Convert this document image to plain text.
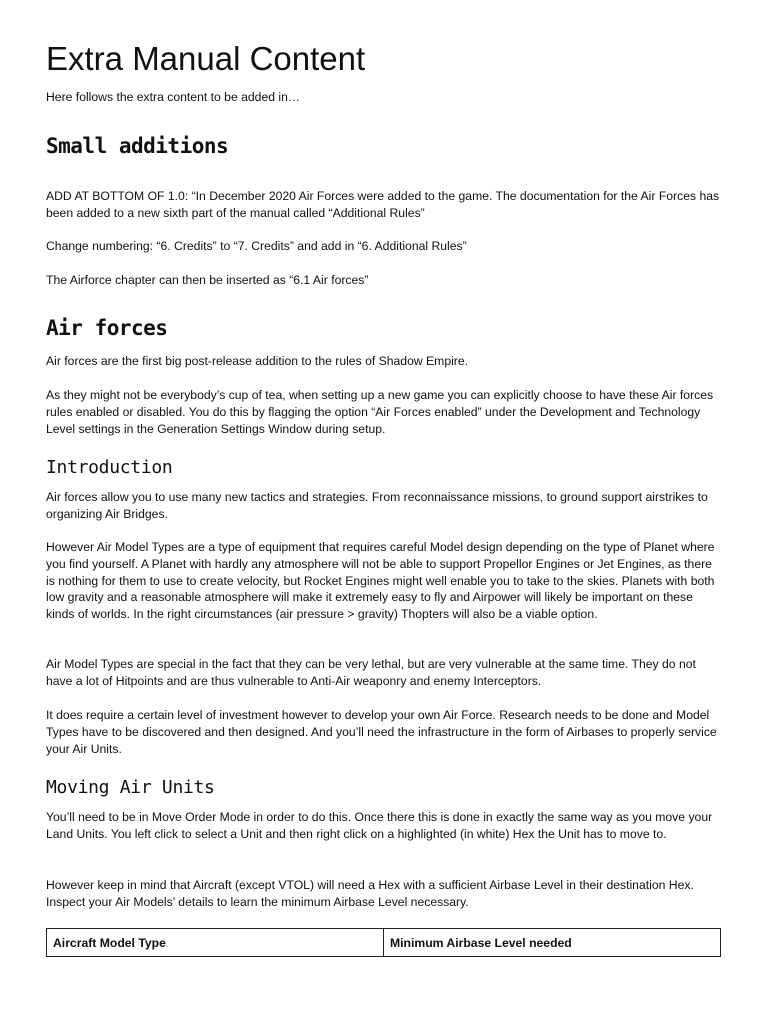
Extra Manual Content

Here follows the extra content to be added in…

Small additions

ADD AT BOTTOM OF 1.0: “In December 2020 Air Forces were added to the game. The documentation for the Air Forces has been added to a new sixth part of the manual called “Additional Rules”

Change numbering: “6. Credits” to “7. Credits” and add in “6. Additional Rules”

The Airforce chapter can then be inserted as “6.1 Air forces”

Air forces

Air forces are the first big post-release addition to the rules of Shadow Empire.

As they might not be everybody’s cup of tea, when setting up a new game you can explicitly choose to have these Air forces rules enabled or disabled. You do this by flagging the option “Air Forces enabled” under the Development and Technology Level settings in the Generation Settings Window during setup.

Introduction

Air forces allow you to use many new tactics and strategies. From reconnaissance missions, to ground support airstrikes to organizing Air Bridges.

However Air Model Types are a type of equipment that requires careful Model design depending on the type of Planet where you find yourself. A Planet with hardly any atmosphere will not be able to support Propellor Engines or Jet Engines, as there is nothing for them to use to create velocity, but Rocket Engines might well enable you to take to the skies. Planets with both low gravity and a reasonable atmosphere will make it extremely easy to fly and Airpower will likely be important on these kinds of worlds. In the right circumstances (air pressure > gravity) Thopters will also be a viable option.

Air Model Types are special in the fact that they can be very lethal, but are very vulnerable at the same time. They do not have a lot of Hitpoints and are thus vulnerable to Anti-Air weaponry and enemy Interceptors.

It does require a certain level of investment however to develop your own Air Force. Research needs to be done and Model Types have to be discovered and then designed. And you’ll need the infrastructure in the form of Airbases to properly service your Air Units.

Moving Air Units

You’ll need to be in Move Order Mode in order to do this. Once there this is done in exactly the same way as you move your Land Units. You left click to select a Unit and then right click on a highlighted (in white) Hex the Unit has to move to.

However keep in mind that Aircraft (except VTOL) will need a Hex with a sufficient Airbase Level in their destination Hex. Inspect your Air Models’ details to learn the minimum Airbase Level necessary.

Aircraft Model Type	Minimum Airbase Level needed
